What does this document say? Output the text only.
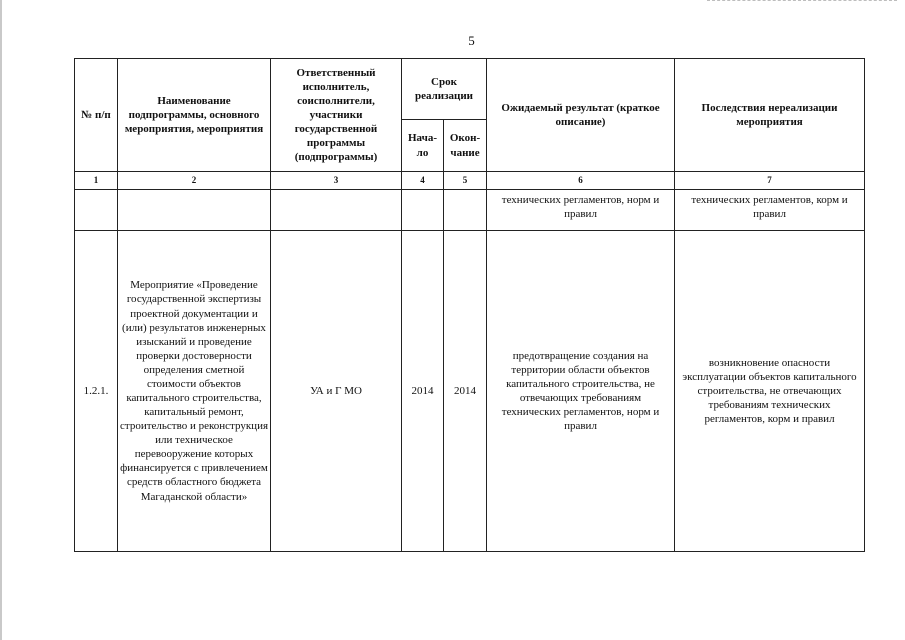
5
№ п/п	Наименование подпрограммы, основного мероприятия, мероприятия	Ответственный исполнитель, соисполнители, участники государственной программы (подпрограммы)	Срок реализации		Ожидаемый результат (краткое описание)	Последствия нереализации мероприятия
			Нача-ло	Окон-чание		
1	2	3	4	5	6	7
					технических регламентов, норм и правил	технических регламентов, корм и правил
1.2.1.	Мероприятие «Проведение государственной экспертизы проектной документации и (или) результатов инженерных изысканий и проведение проверки достоверности определения сметной стоимости объектов капитального строительства, капитальный ремонт, строительство и реконструкция или техническое перевооружение которых финансируется с привлечением средств областного бюджета Магаданской области»	УА и Г МО	2014	2014	предотвращение создания на территории области объектов капитального строительства, не отвечающих требованиям технических регламентов, норм и правил	возникновение опасности эксплуатации объектов капитального строительства, не отвечающих требованиям технических регламентов, корм и правил
